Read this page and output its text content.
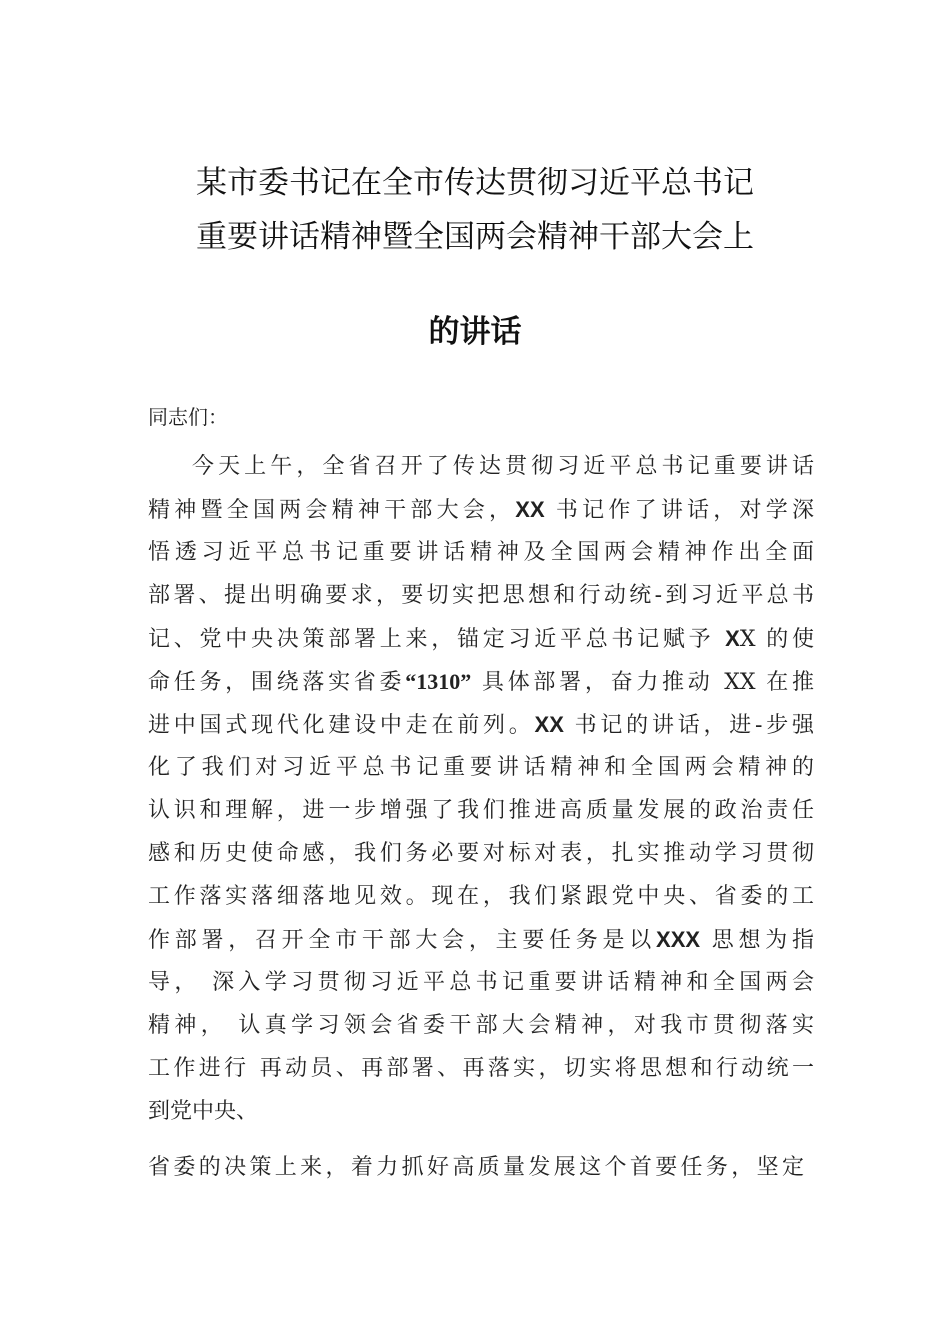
某市委书记在全市传达贯彻习近平总书记
重要讲话精神暨全国两会精神干部大会上
的讲话
同志们：
今天上午，全省召开了传达贯彻习近平总书记重要讲话
精神暨全国两会精神干部大会，XX 书记作了讲话，对学深
悟透习近平总书记重要讲话精神及全国两会精神作出全面
部署、提出明确要求，要切实把思想和行动统-到习近平总书
记、党中央决策部署上来，锚定习近平总书记赋予 XX 的使
命任务，围绕落实省委“1310” 具体部署，奋力推动 XX 在推
进中国式现代化建设中走在前列。XX 书记的讲话，进-步强
化了我们对习近平总书记重要讲话精神和全国两会精神的
认识和理解，进一步增强了我们推进高质量发展的政治责任
感和历史使命感，我们务必要对标对表，扎实推动学习贯彻
工作落实落细落地见效。现在，我们紧跟党中央、省委的工
作部署，召开全市干部大会，主要任务是以XXX 思想为指
导， 深入学习贯彻习近平总书记重要讲话精神和全国两会
精神， 认真学习领会省委干部大会精神，对我市贯彻落实
工作进行 再动员、再部署、再落实，切实将思想和行动统一
到党中央、
省委的决策上来，着力抓好高质量发展这个首要任务，坚定
